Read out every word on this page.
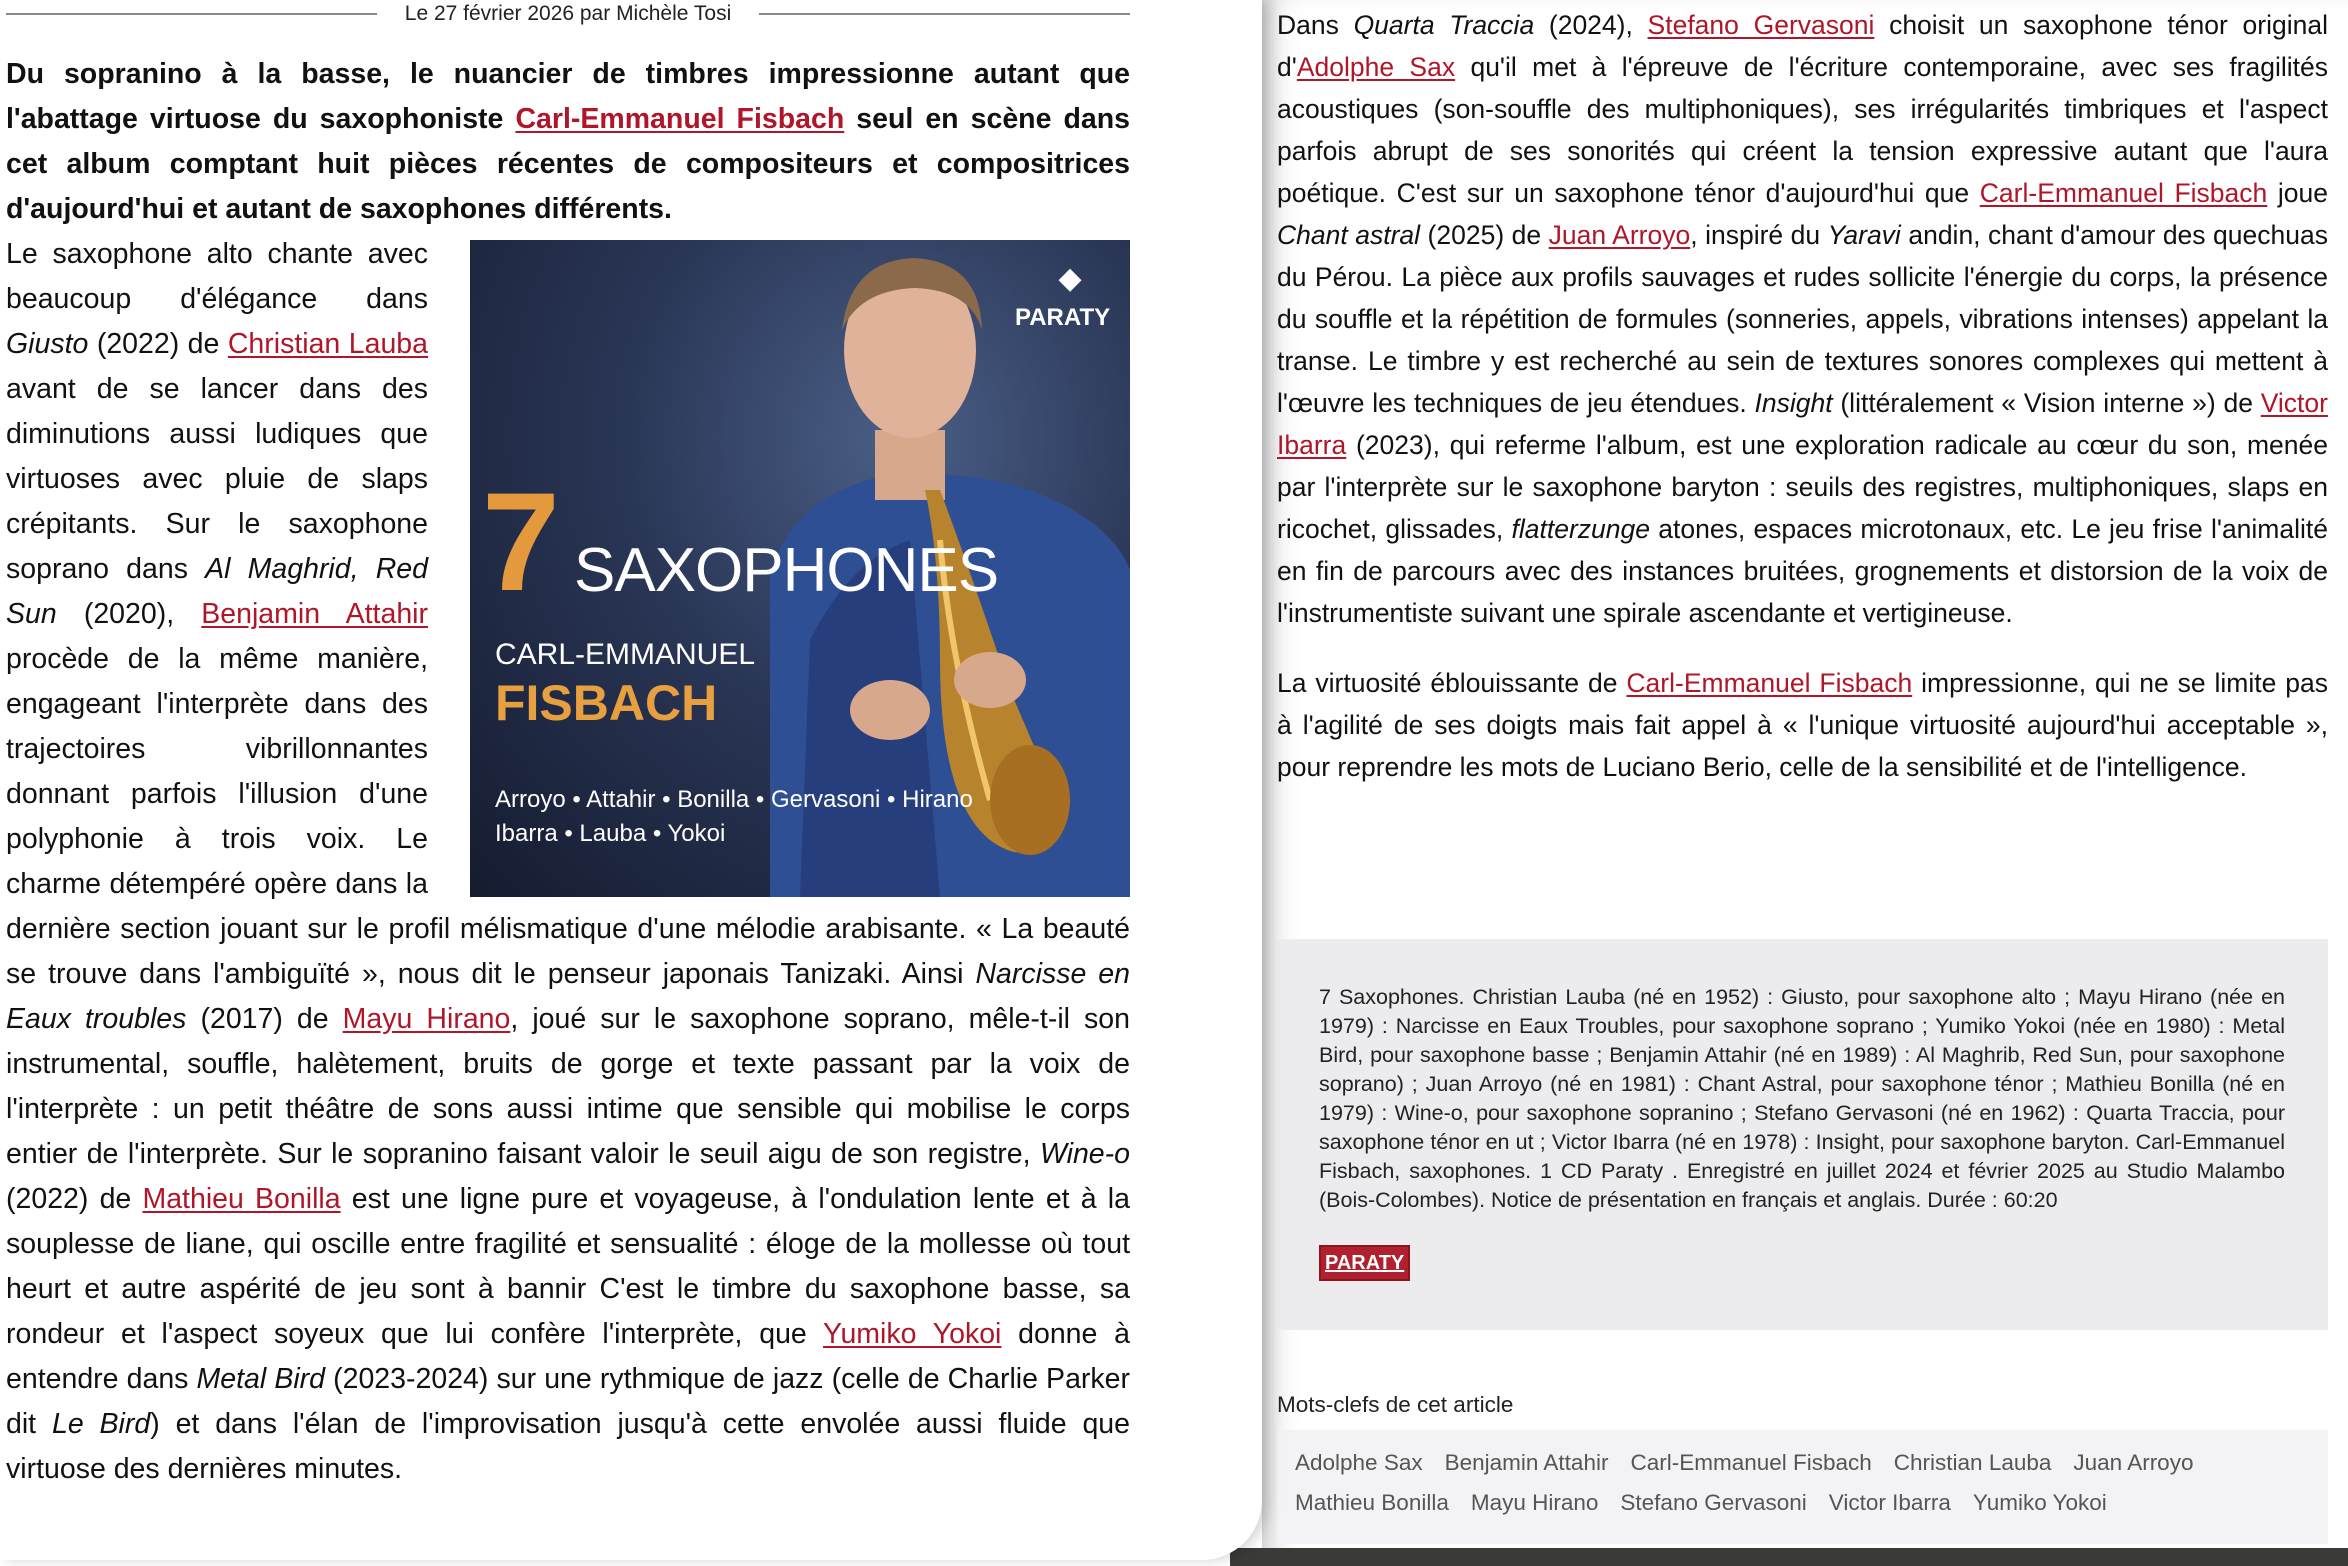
Le 27 février 2026 par Michèle Tosi

Du sopranino à la basse, le nuancier de timbres impressionne autant que l'abattage virtuose du saxophoniste Carl-Emmanuel Fisbach seul en scène dans cet album comptant huit pièces récentes de compositeurs et compositrices d'aujourd'hui et autant de saxophones différents.

7 SAXOPHONES
CARL-EMMANUEL
FISBACH
Arroyo • Attahir • Bonilla • Gervasoni • Hirano
Ibarra • Lauba • Yokoi
◆
PARATY

Le saxophone alto chante avec beaucoup d'élégance dans Giusto (2022) de Christian Lauba avant de se lancer dans des diminutions aussi ludiques que virtuoses avec pluie de slaps crépitants. Sur le saxophone soprano dans Al Maghrid, Red Sun (2020), Benjamin Attahir procède de la même manière, engageant l'interprète dans des trajectoires vibrillonnantes donnant parfois l'illusion d'une polyphonie à trois voix. Le charme détempéré opère dans la dernière section jouant sur le profil mélismatique d'une mélodie arabisante. « La beauté se trouve dans l'ambiguïté », nous dit le penseur japonais Tanizaki. Ainsi Narcisse en Eaux troubles (2017) de Mayu Hirano, joué sur le saxophone soprano, mêle-t-il son instrumental, souffle, halètement, bruits de gorge et texte passant par la voix de l'interprète : un petit théâtre de sons aussi intime que sensible qui mobilise le corps entier de l'interprète. Sur le sopranino faisant valoir le seuil aigu de son registre, Wine-o (2022) de Mathieu Bonilla est une ligne pure et voyageuse, à l'ondulation lente et à la souplesse de liane, qui oscille entre fragilité et sensualité : éloge de la mollesse où tout heurt et autre aspérité de jeu sont à bannir C'est le timbre du saxophone basse, sa rondeur et l'aspect soyeux que lui confère l'interprète, que Yumiko Yokoi donne à entendre dans Metal Bird (2023-2024) sur une rythmique de jazz (celle de Charlie Parker dit Le Bird) et dans l'élan de l'improvisation jusqu'à cette envolée aussi fluide que virtuose des dernières minutes.

Dans Quarta Traccia (2024), Stefano Gervasoni choisit un saxophone ténor original d'Adolphe Sax qu'il met à l'épreuve de l'écriture contemporaine, avec ses fragilités acoustiques (son-souffle des multiphoniques), ses irrégularités timbriques et l'aspect parfois abrupt de ses sonorités qui créent la tension expressive autant que l'aura poétique. C'est sur un saxophone ténor d'aujourd'hui que Carl-Emmanuel Fisbach joue Chant astral (2025) de Juan Arroyo, inspiré du Yaravi andin, chant d'amour des quechuas du Pérou. La pièce aux profils sauvages et rudes sollicite l'énergie du corps, la présence du souffle et la répétition de formules (sonneries, appels, vibrations intenses) appelant la transe. Le timbre y est recherché au sein de textures sonores complexes qui mettent à l'œuvre les techniques de jeu étendues. Insight (littéralement « Vision interne ») de Victor Ibarra (2023), qui referme l'album, est une exploration radicale au cœur du son, menée par l'interprète sur le saxophone baryton : seuils des registres, multiphoniques, slaps en ricochet, glissades, flatterzunge atones, espaces microtonaux, etc. Le jeu frise l'animalité en fin de parcours avec des instances bruitées, grognements et distorsion de la voix de l'instrumentiste suivant une spirale ascendante et vertigineuse.

La virtuosité éblouissante de Carl-Emmanuel Fisbach impressionne, qui ne se limite pas à l'agilité de ses doigts mais fait appel à « l'unique virtuosité aujourd'hui acceptable », pour reprendre les mots de Luciano Berio, celle de la sensibilité et de l'intelligence.

7 Saxophones. Christian Lauba (né en 1952) : Giusto, pour saxophone alto ; Mayu Hirano (née en 1979) : Narcisse en Eaux Troubles, pour saxophone soprano ; Yumiko Yokoi (née en 1980) : Metal Bird, pour saxophone basse ; Benjamin Attahir (né en 1989) : Al Maghrib, Red Sun, pour saxophone soprano) ; Juan Arroyo (né en 1981) : Chant Astral, pour saxophone ténor ; Mathieu Bonilla (né en 1979) : Wine-o, pour saxophone sopranino ; Stefano Gervasoni (né en 1962) : Quarta Traccia, pour saxophone ténor en ut ; Victor Ibarra (né en 1978) : Insight, pour saxophone baryton. Carl-Emmanuel Fisbach, saxophones. 1 CD Paraty . Enregistré en juillet 2024 et février 2025 au Studio Malambo (Bois-Colombes). Notice de présentation en français et anglais. Durée : 60:20
PARATY
Mots-clefs de cet article
Adolphe Sax Benjamin Attahir Carl-Emmanuel Fisbach Christian Lauba Juan Arroyo
Mathieu Bonilla Mayu Hirano Stefano Gervasoni Victor Ibarra Yumiko Yokoi
